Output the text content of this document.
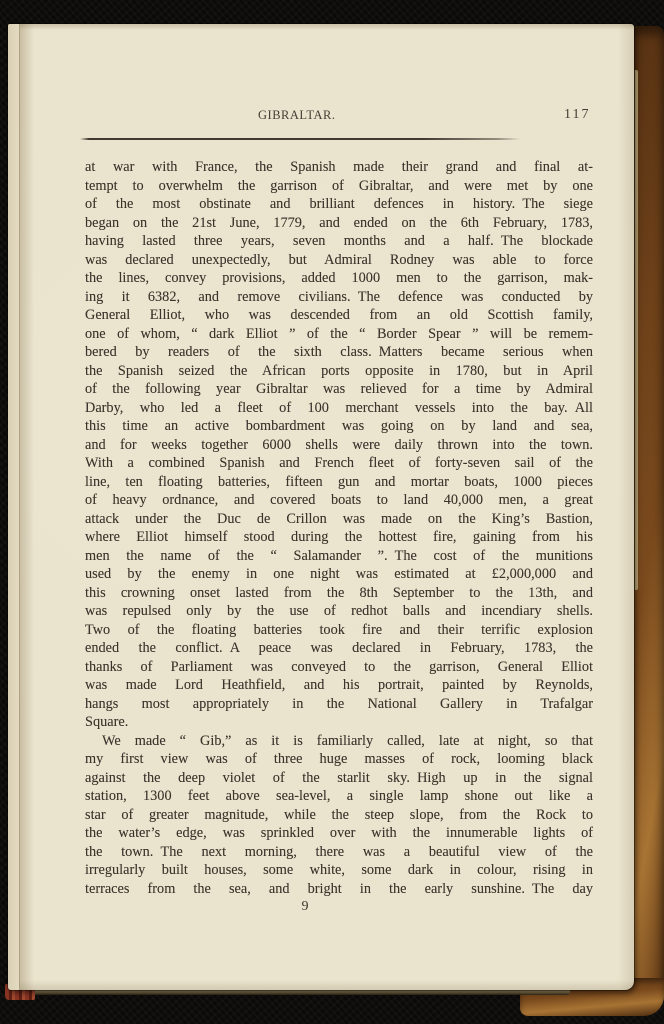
GIBRALTAR.	117
at war with France, the Spanish made their grand and final at-
tempt to overwhelm the garrison of Gibraltar, and were met by one
of the most obstinate and brilliant defences in history. The siege
began on the 21st June, 1779, and ended on the 6th February, 1783,
having lasted three years, seven months and a half. The blockade
was declared unexpectedly, but Admiral Rodney was able to force
the lines, convey provisions, added 1000 men to the garrison, mak-
ing it 6382, and remove civilians. The defence was conducted by
General Elliot, who was descended from an old Scottish family,
one of whom, “ dark Elliot ” of the “ Border Spear ” will be remem-
bered by readers of the sixth class. Matters became serious when
the Spanish seized the African ports opposite in 1780, but in April
of the following year Gibraltar was relieved for a time by Admiral
Darby, who led a fleet of 100 merchant vessels into the bay. All
this time an active bombardment was going on by land and sea,
and for weeks together 6000 shells were daily thrown into the town.
With a combined Spanish and French fleet of forty-seven sail of the
line, ten floating batteries, fifteen gun and mortar boats, 1000 pieces
of heavy ordnance, and covered boats to land 40,000 men, a great
attack under the Duc de Crillon was made on the King’s Bastion,
where Elliot himself stood during the hottest fire, gaining from his
men the name of the “ Salamander ”. The cost of the munitions
used by the enemy in one night was estimated at £2,000,000 and
this crowning onset lasted from the 8th September to the 13th, and
was repulsed only by the use of redhot balls and incendiary shells.
Two of the floating batteries took fire and their terrific explosion
ended the conflict. A peace was declared in February, 1783, the
thanks of Parliament was conveyed to the garrison, General Elliot
was made Lord Heathfield, and his portrait, painted by Reynolds,
hangs most appropriately in the National Gallery in Trafalgar
Square.
We made “ Gib,” as it is familiarly called, late at night, so that
my first view was of three huge masses of rock, looming black
against the deep violet of the starlit sky. High up in the signal
station, 1300 feet above sea-level, a single lamp shone out like a
star of greater magnitude, while the steep slope, from the Rock to
the water’s edge, was sprinkled over with the innumerable lights of
the town. The next morning, there was a beautiful view of the
irregularly built houses, some white, some dark in colour, rising in
terraces from the sea, and bright in the early sunshine. The day
9
